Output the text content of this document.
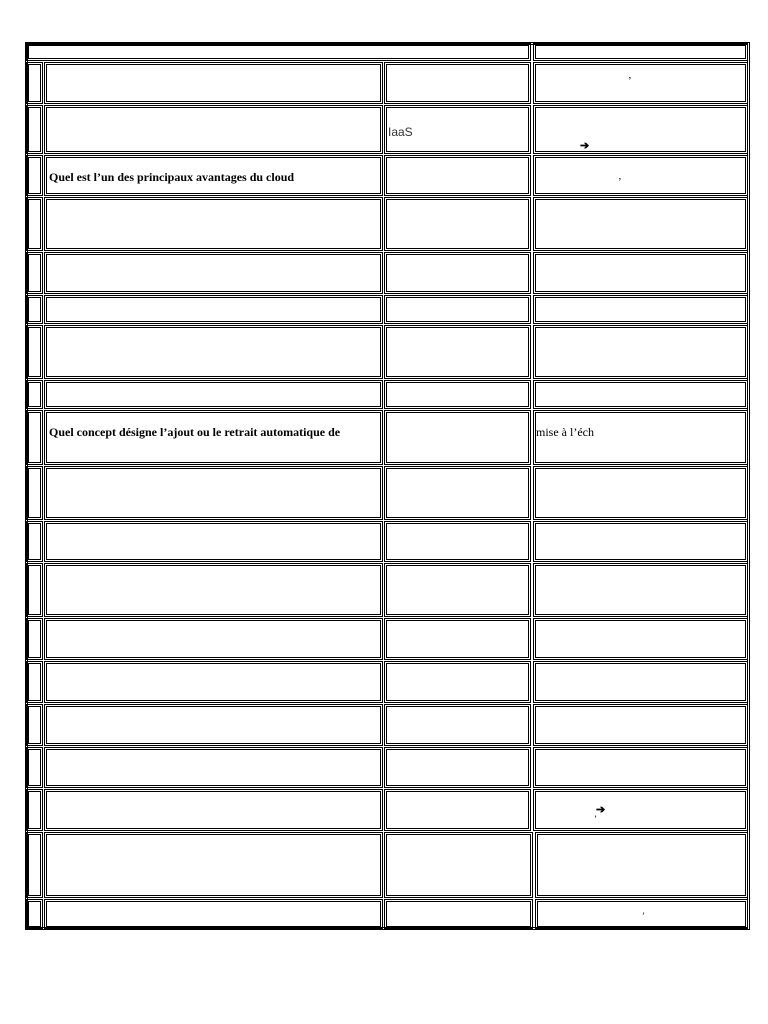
’
IaaS
➔
Quel est l’un des principaux avantages du cloud	’
Quel concept désigne l’ajout ou le retrait automatique de	mise à l’éch
➔
’
’
